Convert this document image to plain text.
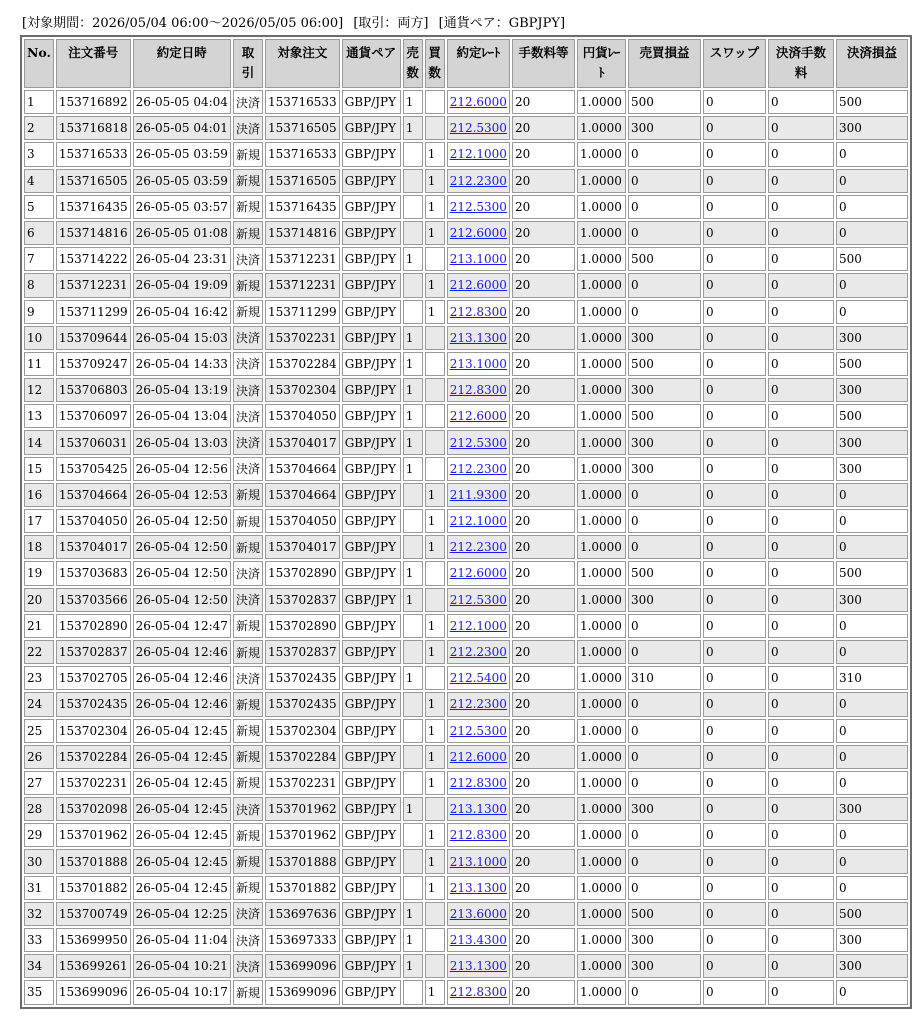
[対象期間：2026/05/04 06:00〜2026/05/05 06:00] [取引：両方] [通貨ペア：GBPJPY]
No.	注文番号	約定日時	取引	対象注文	通貨ペア	売数	買数	約定ﾚｰﾄ	手数料等	円貨ﾚｰﾄ	売買損益	スワップ	決済手数料	決済損益
1	153716892	26-05-05 04:04	決済	153716533	GBP/JPY	1		212.6000	20	1.0000	500	0	0	500
2	153716818	26-05-05 04:01	決済	153716505	GBP/JPY	1		212.5300	20	1.0000	300	0	0	300
3	153716533	26-05-05 03:59	新規	153716533	GBP/JPY		1	212.1000	20	1.0000	0	0	0	0
4	153716505	26-05-05 03:59	新規	153716505	GBP/JPY		1	212.2300	20	1.0000	0	0	0	0
5	153716435	26-05-05 03:57	新規	153716435	GBP/JPY		1	212.5300	20	1.0000	0	0	0	0
6	153714816	26-05-05 01:08	新規	153714816	GBP/JPY		1	212.6000	20	1.0000	0	0	0	0
7	153714222	26-05-04 23:31	決済	153712231	GBP/JPY	1		213.1000	20	1.0000	500	0	0	500
8	153712231	26-05-04 19:09	新規	153712231	GBP/JPY		1	212.6000	20	1.0000	0	0	0	0
9	153711299	26-05-04 16:42	新規	153711299	GBP/JPY		1	212.8300	20	1.0000	0	0	0	0
10	153709644	26-05-04 15:03	決済	153702231	GBP/JPY	1		213.1300	20	1.0000	300	0	0	300
11	153709247	26-05-04 14:33	決済	153702284	GBP/JPY	1		213.1000	20	1.0000	500	0	0	500
12	153706803	26-05-04 13:19	決済	153702304	GBP/JPY	1		212.8300	20	1.0000	300	0	0	300
13	153706097	26-05-04 13:04	決済	153704050	GBP/JPY	1		212.6000	20	1.0000	500	0	0	500
14	153706031	26-05-04 13:03	決済	153704017	GBP/JPY	1		212.5300	20	1.0000	300	0	0	300
15	153705425	26-05-04 12:56	決済	153704664	GBP/JPY	1		212.2300	20	1.0000	300	0	0	300
16	153704664	26-05-04 12:53	新規	153704664	GBP/JPY		1	211.9300	20	1.0000	0	0	0	0
17	153704050	26-05-04 12:50	新規	153704050	GBP/JPY		1	212.1000	20	1.0000	0	0	0	0
18	153704017	26-05-04 12:50	新規	153704017	GBP/JPY		1	212.2300	20	1.0000	0	0	0	0
19	153703683	26-05-04 12:50	決済	153702890	GBP/JPY	1		212.6000	20	1.0000	500	0	0	500
20	153703566	26-05-04 12:50	決済	153702837	GBP/JPY	1		212.5300	20	1.0000	300	0	0	300
21	153702890	26-05-04 12:47	新規	153702890	GBP/JPY		1	212.1000	20	1.0000	0	0	0	0
22	153702837	26-05-04 12:46	新規	153702837	GBP/JPY		1	212.2300	20	1.0000	0	0	0	0
23	153702705	26-05-04 12:46	決済	153702435	GBP/JPY	1		212.5400	20	1.0000	310	0	0	310
24	153702435	26-05-04 12:46	新規	153702435	GBP/JPY		1	212.2300	20	1.0000	0	0	0	0
25	153702304	26-05-04 12:45	新規	153702304	GBP/JPY		1	212.5300	20	1.0000	0	0	0	0
26	153702284	26-05-04 12:45	新規	153702284	GBP/JPY		1	212.6000	20	1.0000	0	0	0	0
27	153702231	26-05-04 12:45	新規	153702231	GBP/JPY		1	212.8300	20	1.0000	0	0	0	0
28	153702098	26-05-04 12:45	決済	153701962	GBP/JPY	1		213.1300	20	1.0000	300	0	0	300
29	153701962	26-05-04 12:45	新規	153701962	GBP/JPY		1	212.8300	20	1.0000	0	0	0	0
30	153701888	26-05-04 12:45	新規	153701888	GBP/JPY		1	213.1000	20	1.0000	0	0	0	0
31	153701882	26-05-04 12:45	新規	153701882	GBP/JPY		1	213.1300	20	1.0000	0	0	0	0
32	153700749	26-05-04 12:25	決済	153697636	GBP/JPY	1		213.6000	20	1.0000	500	0	0	500
33	153699950	26-05-04 11:04	決済	153697333	GBP/JPY	1		213.4300	20	1.0000	300	0	0	300
34	153699261	26-05-04 10:21	決済	153699096	GBP/JPY	1		213.1300	20	1.0000	300	0	0	300
35	153699096	26-05-04 10:17	新規	153699096	GBP/JPY		1	212.8300	20	1.0000	0	0	0	0
